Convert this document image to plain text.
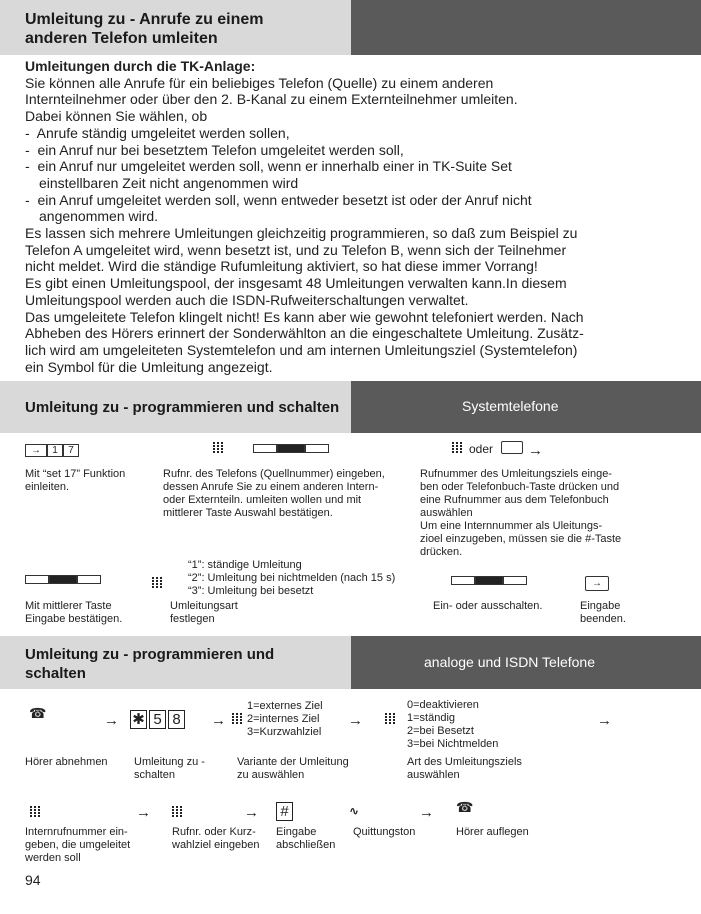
Umleitung zu - Anrufe zu einem
anderen Telefon umleiten

Umleitungen durch die TK-Anlage:

Sie können alle Anrufe für ein beliebiges Telefon (Quelle) zu einem anderen

Internteilnehmer oder über den 2. B-Kanal zu einem Externteilnehmer umleiten.

Dabei können Sie wählen, ob

-  Anrufe ständig umgeleitet werden sollen,
-  ein Anruf nur bei besetztem Telefon umgeleitet werden soll,
-  ein Anruf nur umgeleitet werden soll, wenn er innerhalb einer in TK-Suite Set
einstellbaren Zeit nicht angenommen wird
-  ein Anruf umgeleitet werden soll, wenn entweder besetzt ist oder der Anruf nicht
angenommen wird.

Es lassen sich mehrere Umleitungen gleichzeitig programmieren, so daß zum Beispiel zu

Telefon A umgeleitet wird, wenn besetzt ist, und zu Telefon B, wenn sich der Teilnehmer

nicht meldet. Wird die ständige Rufumleitung aktiviert, so hat diese immer Vorrang!

Es gibt einen Umleitungspool, der insgesamt 48 Umleitungen verwalten kann.In diesem

Umleitungspool werden auch die ISDN-Rufweiterschaltungen verwaltet.

Das umgeleitete Telefon klingelt nicht! Es kann aber wie gewohnt telefoniert werden. Nach

Abheben des Hörers erinnert der Sonderwählton an die eingeschaltete Umleitung. Zusätz-

lich wird am umgeleiteten Systemtelefon und am internen Umleitungsziel (Systemtelefon)

ein Symbol für die Umleitung angezeigt.

Umleitung zu - programmieren und schalten	Systemtelefone
→ 1 7
Mit “set 17” Funktion
einleiten.
Rufnr. des Telefons (Quellnummer) eingeben,
dessen Anrufe Sie zu einem anderen Intern-
oder Externteiln. umleiten wollen und mit
mittlerer Taste Auswahl bestätigen.
oder →
Rufnummer des Umleitungsziels einge-
ben oder Telefonbuch-Taste drücken und
eine Rufnummer aus dem Telefonbuch
auswählen
Um eine Internnummer als Uleitungs-
zioel einzugeben, müssen sie die #-Taste
drücken.
“1”: ständige Umleitung
“2”: Umleitung bei nichtmelden (nach 15 s)
“3”: Umleitung bei besetzt
→
Mit mittlerer Taste
Eingabe bestätigen.
Umleitungsart
festlegen
Ein- oder ausschalten.	Eingabe
beenden.
Umleitung zu - programmieren und
schalten
analoge und ISDN Telefone
☎	→ ✱ 5 8	→
1=externes Ziel
2=internes Ziel
3=Kurzwahlziel
→
0=deaktivieren
1=ständig
2=bei Besetzt
3=bei Nichtmelden
→
Hörer abnehmen Umleitung zu -
schalten
Variante der Umleitung
zu auswählen
Art des Umleitungsziels
auswählen
→	→ #	∿	→ ☎
Internrufnummer ein-
geben, die umgeleitet
werden soll
Rufnr. oder Kurz-
wahlziel eingeben
Eingabe
abschließen
Quittungston	Hörer auflegen
94
